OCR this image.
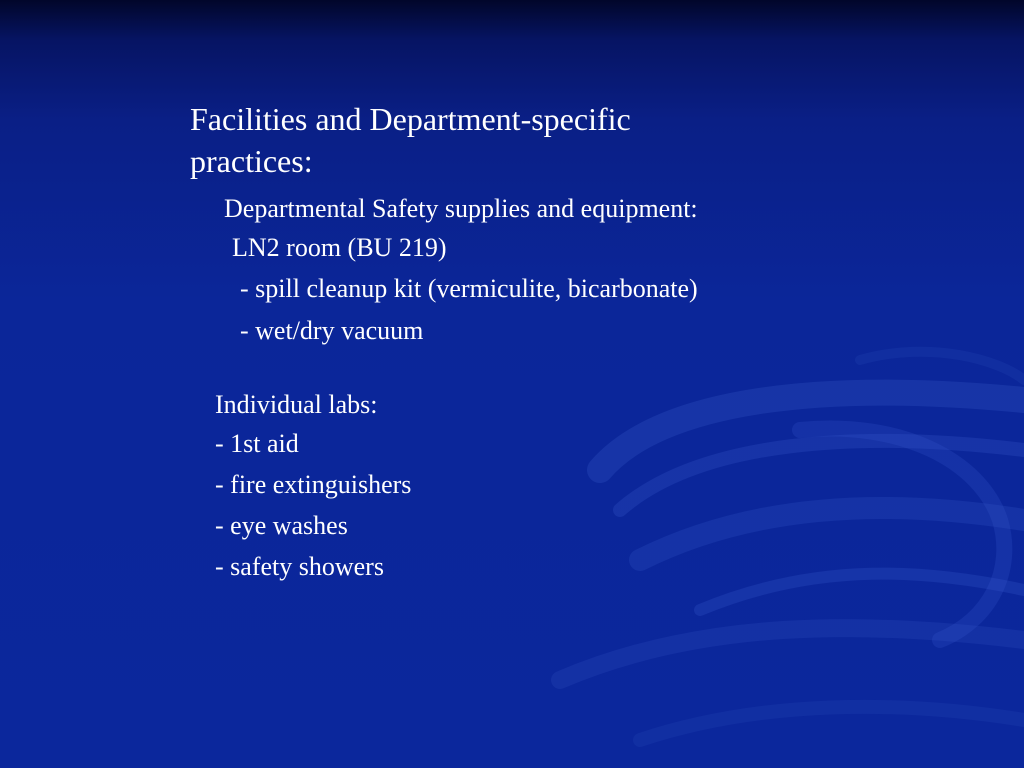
Facilities and Department-specific
practices:
Departmental Safety supplies and equipment:
LN2 room (BU 219)
- spill cleanup kit (vermiculite, bicarbonate)
- wet/dry vacuum
Individual labs:
- 1st aid
- fire extinguishers
- eye washes
- safety showers
